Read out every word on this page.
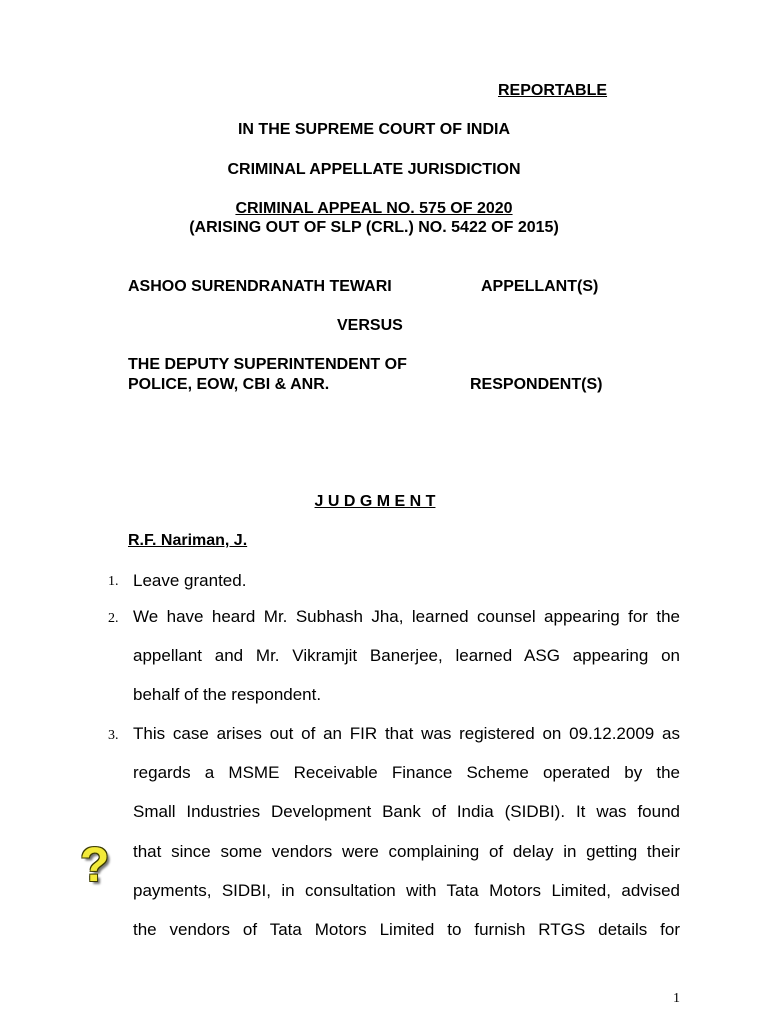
REPORTABLE
IN THE SUPREME COURT OF INDIA
CRIMINAL APPELLATE JURISDICTION
CRIMINAL APPEAL NO. 575 OF 2020
(ARISING OUT OF SLP (CRL.) NO. 5422 OF 2015)
ASHOO SURENDRANATH TEWARI	APPELLANT(S)
VERSUS
THE DEPUTY SUPERINTENDENT OF
POLICE, EOW, CBI & ANR.	RESPONDENT(S)
J U D G M E N T
R.F. Nariman, J.
1. Leave granted.
2. We have heard Mr. Subhash Jha, learned counsel appearing for the
appellant and Mr. Vikramjit Banerjee, learned ASG appearing on
behalf of the respondent.
3. This case arises out of an FIR that was registered on 09.12.2009 as
regards a MSME Receivable Finance Scheme operated by the
Small Industries Development Bank of India (SIDBI). It was found
that since some vendors were complaining of delay in getting their
payments, SIDBI, in consultation with Tata Motors Limited, advised
the vendors of Tata Motors Limited to furnish RTGS details for
?
1
